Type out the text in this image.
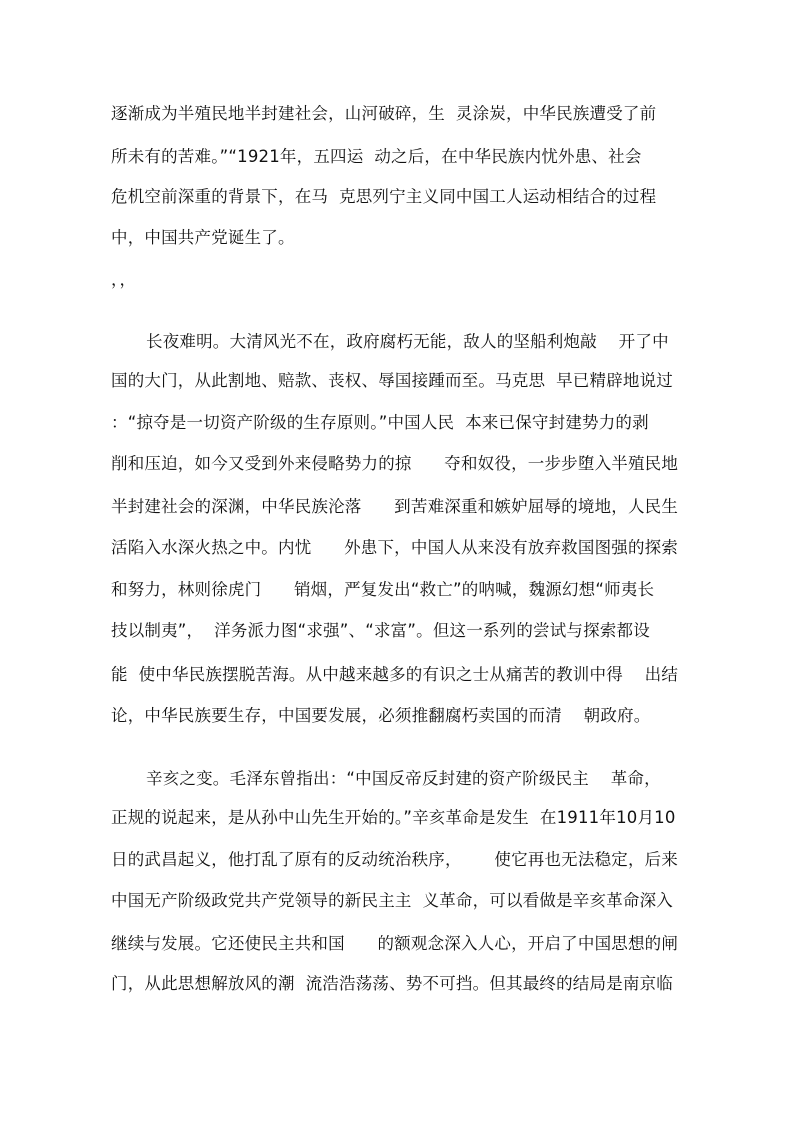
逐渐成为半殖民地半封建社会，山河破碎，生  灵涂炭，中华民族遭受了前
所未有的苦难。”“1921年，五四运  动之后，在中华民族内忧外患、社会
危机空前深重的背景下，在马  克思列宁主义同中国工人运动相结合的过程
中，中国共产党诞生了。
，，
长夜难明。大清风光不在，政府腐朽无能，敌人的坚船利炮敲    开了中
国的大门，从此割地、赔款、丧权、辱国接踵而至。马克思  早已精辟地说过
：“掠夺是一切资产阶级的生存原则。”中国人民  本来已保守封建势力的剥
削和压迫，如今又受到外来侵略势力的掠      夺和奴役，一步步堕入半殖民地
半封建社会的深渊，中华民族沦落      到苦难深重和嫉妒屈辱的境地，人民生
活陷入水深火热之中。内忧      外患下，中国人从来没有放弃救国图强的探索
和努力，林则徐虎门      销烟，严复发出“救亡”的呐喊，魏源幻想“师夷长
技以制夷”，  洋务派力图“求强”、“求富”。但这一系列的尝试与探索都设
能  使中华民族摆脱苦海。从中越来越多的有识之士从痛苦的教训中得    出结
论，中华民族要生存，中国要发展，必须推翻腐朽卖国的而清    朝政府。
辛亥之变。毛泽东曾指出：“中国反帝反封建的资产阶级民主    革命，
正规的说起来，是从孙中山先生开始的。”辛亥革命是发生  在1911年10月10
日的武昌起义，他打乱了原有的反动统治秩序，      使它再也无法稳定，后来
中国无产阶级政党共产党领导的新民主主  义革命，可以看做是辛亥革命深入
继续与发展。它还使民主共和国      的额观念深入人心，开启了中国思想的闸
门，从此思想解放风的潮  流浩浩荡荡、势不可挡。但其最终的结局是南京临
